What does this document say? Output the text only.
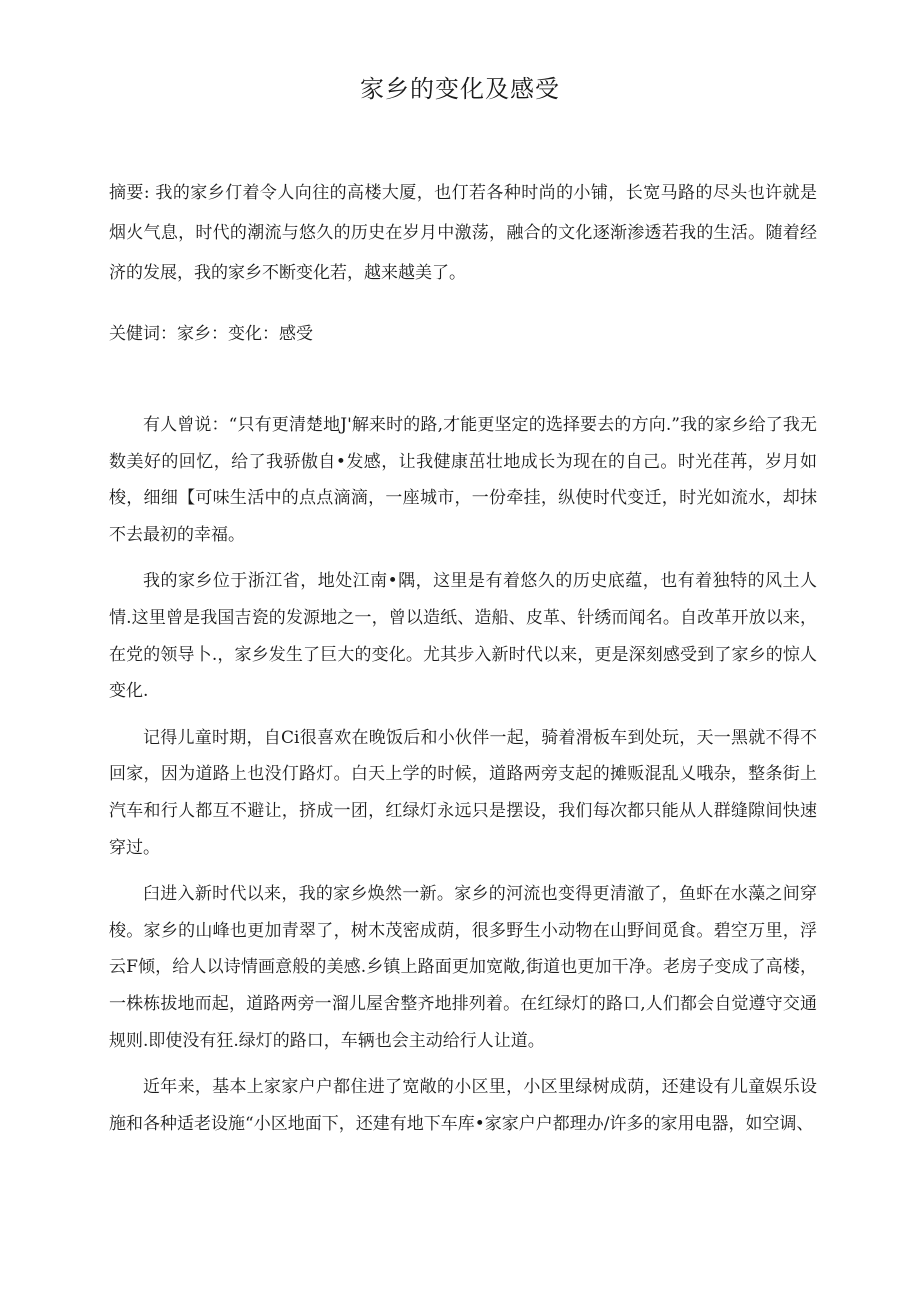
家乡的变化及感受

摘要: 我的家乡仃着令人向往的高楼大厦，也仃若各种时尚的小铺，长宽马路的尽头也许就是烟火气息，时代的潮流与悠久的历史在岁月中激荡，融合的文化逐渐渗透若我的生活。随着经济的发展，我的家乡不断变化若，越来越美了。

关健词：家乡：变化：感受

有人曾说：“只有更清楚地J'解来时的路,才能更坚定的选择要去的方向.”我的家乡给了我无数美好的回忆，给了我骄傲自•发感，让我健康茁壮地成长为现在的自己。时光荏苒，岁月如梭，细细【可味生活中的点点滴滴，一座城市，一份牵挂，纵使时代变迁，时光如流水，却抹不去最初的幸福。

我的家乡位于浙江省，地处江南•隅，这里是有着悠久的历史底蕴，也有着独特的风土人情.这里曾是我国吉瓷的发源地之一，曾以造纸、造船、皮革、针绣而闻名。自改革开放以来，在党的领导卜.，家乡发生了巨大的变化。尤其步入新时代以来，更是深刻感受到了家乡的惊人变化.

记得儿童时期，自Ci很喜欢在晚饭后和小伙伴一起，骑着滑板车到处玩，天一黑就不得不回家，因为道路上也没仃路灯。白天上学的时候，道路两旁支起的摊贩混乱乂哦杂，整条街上汽车和行人都互不避让，挤成一团，红绿灯永远只是摆设，我们每次都只能从人群缝隙间快速穿过。

臼进入新时代以来，我的家乡焕然一新。家乡的河流也变得更清澈了，鱼虾在水藻之间穿梭。家乡的山峰也更加青翠了，树木茂密成荫，很多野生小动物在山野间觅食。碧空万里，浮云F倾，给人以诗情画意般的美感.乡镇上路面更加宽敞,街道也更加干净。老房子变成了高楼，一株栋拔地而起，道路两旁一溜儿屋舍整齐地排列着。在红绿灯的路口,人们都会自觉遵守交通规则.即使没有狂.绿灯的路口，车辆也会主动给行人让道。

近年来，基本上家家户户都住进了宽敞的小区里，小区里绿树成荫，还建设有儿童娱乐设施和各种适老设施“小区地面下，还建有地下车库•家家户户都理办/许多的家用电器，如空调、
